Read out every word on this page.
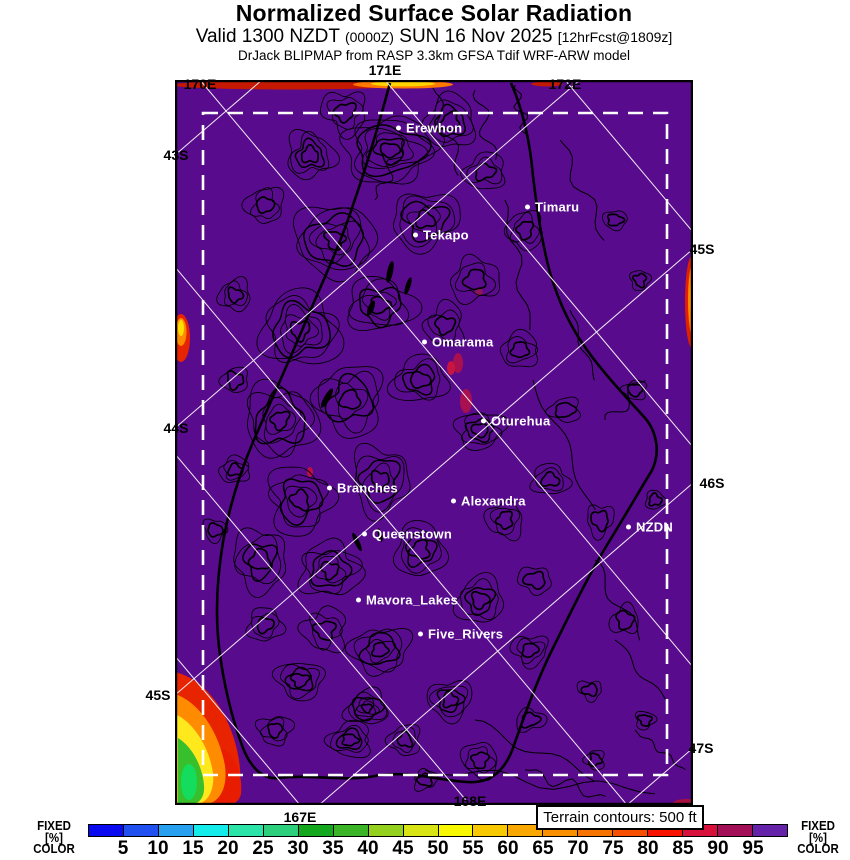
Normalized Surface Solar Radiation
Valid 1300 NZDT (0000Z) SUN 16 Nov 2025 [12hrFcst@1809z]
DrJack BLIPMAP from RASP 3.3km GFSA Tdif WRF-ARW model
170E
171E
172E
43S
44S
45S
45S
46S
47S
167E
168E
Erewhon
Timaru
Tekapo
Omarama
Oturehua
Branches
Alexandra
Queenstown	NZDN
Mavora_Lakes
Five_Rivers
Terrain contours: 500 ft
FIXED
[%]
COLOR
FIXED
[%]
COLOR
5	10 15 20 25 30 35 40 45 50 55 60 65 70 75 80 85 90 95
